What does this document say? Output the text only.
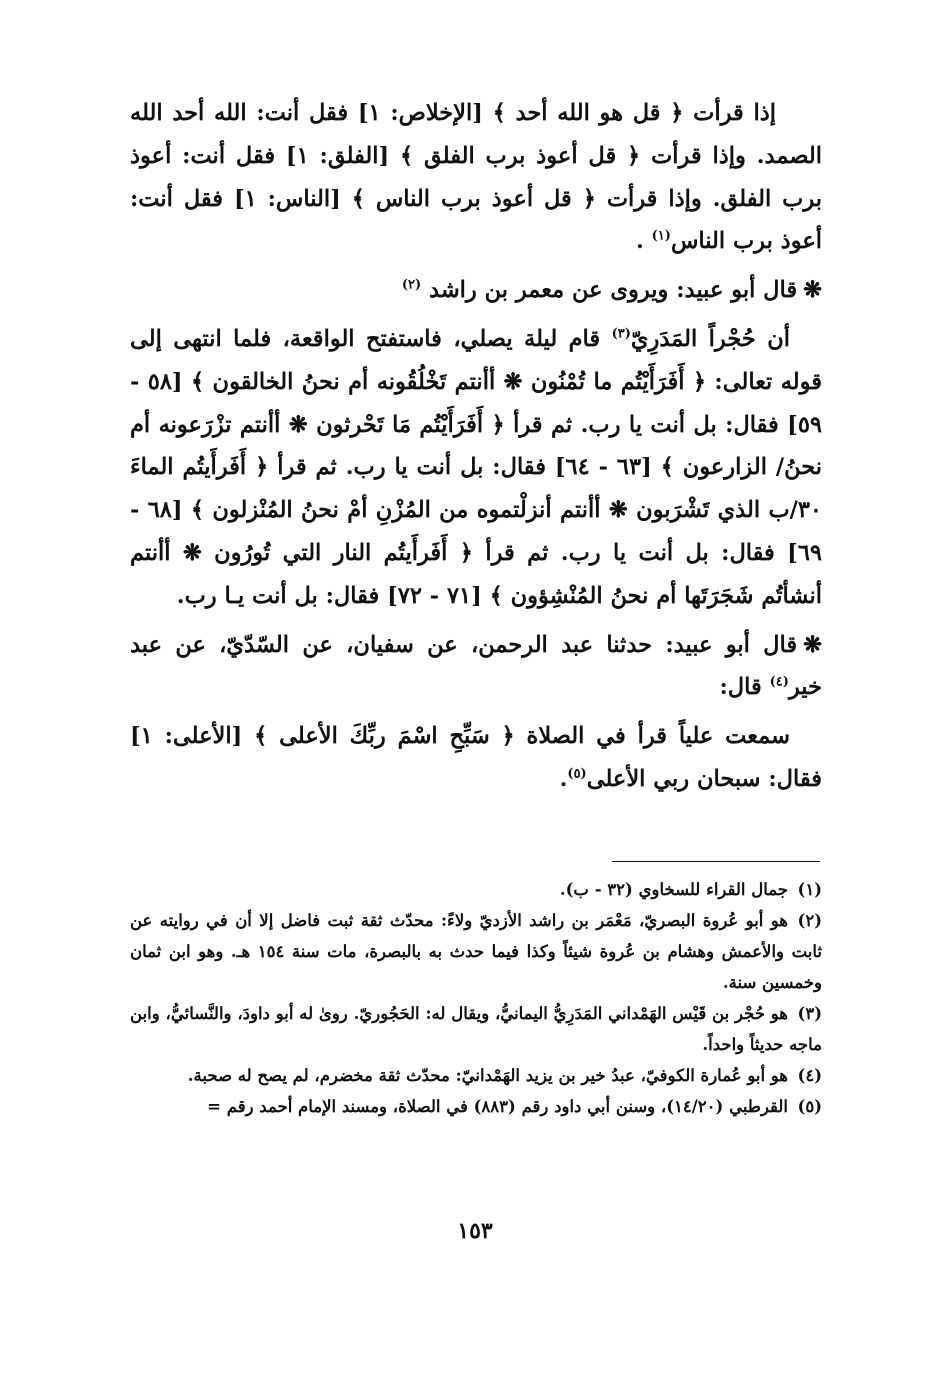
إذا قرأت ﴿ قل هو الله أحد ﴾ [الإخلاص: ١] فقل أنت: الله أحد الله الصمد. وإذا قرأت ﴿ قل أعوذ برب الفلق ﴾ [الفلق: ١] فقل أنت: أعوذ برب الفلق. وإذا قرأت ﴿ قل أعوذ برب الناس ﴾ [الناس: ١] فقل أنت: أعوذ برب الناس$^{(١)}$ .

❋قال أبو عبيد: ويروى عن معمر بن راشد $^{(٢)}$

أن حُجْراً المَدَرِيّ$^{(٣)}$ قام ليلة يصلي، فاستفتح الواقعة، فلما انتهى إلى قوله تعالى: ﴿ أَفَرَأَيْتُم ما تُمْنُون ❋ أأنتم تَخْلُقُونه أم نحنُ الخالقون ﴾ [٥٨ - ٥٩] فقال: بل أنت يا رب. ثم قرأ ﴿ أَفَرَأَيْتُم مَا تَحْرثون ❋ أأنتم تزْرَعونه أم نحنُ/ الزارعون ﴾ [٦٣ - ٦٤] فقال: بل أنت يا رب. ثم قرأ ﴿ أَفَرأَيتُم الماءَ ٣٠/ب الذي تَشْرَبون ❋ أأنتم أنزلْتموه من المُزْنِ أمْ نحنُ المُنْزلون ﴾ [٦٨ - ٦٩] فقال: بل أنت يا رب. ثم قرأ ﴿ أَفَرأَيتُم النار التي تُورُون ❋ أأنتم أنشأتُم شَجَرَتَها أم نحنُ المُنْشِؤون ﴾ [٧١ - ٧٢] فقال: بل أنت يـا رب.

❋قال أبو عبيد: حدثنا عبد الرحمن، عن سفيان، عن السّدّيّ، عن عبد خير$^{(٤)}$ قال:

سمعت علياً قرأ في الصلاة ﴿ سَبِّحِ اسْمَ ربِّكَ الأعلى ﴾ [الأعلى: ١] فقال: سبحان ربي الأعلى$^{(٥)}$.

(١)جمال القراء للسخاوي (٣٢ - ب).

(٢)هو أبو عُروة البصريّ، مَعْمَر بن راشد الأزديّ ولاءً: محدّث ثقة ثبت فاضل إلا أن في روايته عن ثابت والأعمش وهشام بن عُروة شيئاً وكذا فيما حدث به بالبصرة، مات سنة ١٥٤ هـ. وهو ابن ثمان وخمسين سنة.

(٣)هو حُجْر بن قَيْس الهَمْداني المَدَرِيُّ اليمانيُّ، ويقال له: الحَجُوريّ. روىٰ له أبو داودَ، والنَّسائيُّ، وابن ماجه حديثاً واحداً.

(٤)هو أبو عُمارة الكوفيّ، عبدُ خير بن يزيد الهَمْدانيّ: محدّث ثقة مخضرم، لم يصح له صحبة.

(٥)القرطبي (١٤/٢٠)، وسنن أبي داود رقم (٨٨٣) في الصلاة، ومسند الإمام أحمد رقم =

١٥٣
